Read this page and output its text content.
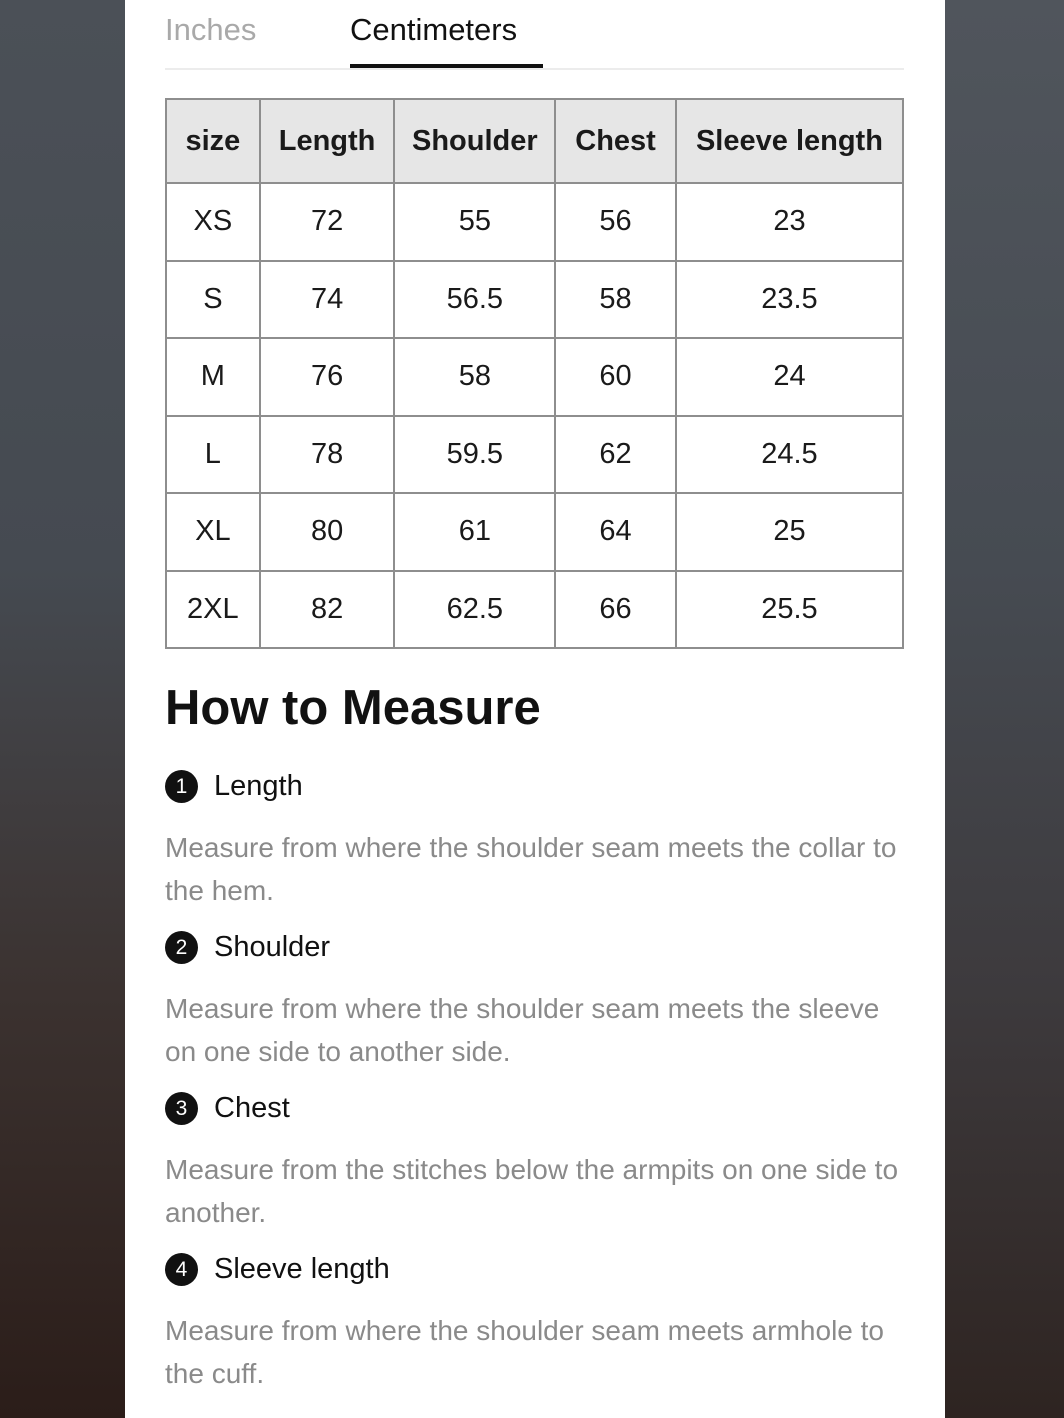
Inches	Centimeters
size	Length	Shoulder	Chest	Sleeve length
XS	72	55	56	23
S	74	56.5	58	23.5
M	76	58	60	24
L	78	59.5	62	24.5
XL	80	61	64	25
2XL	82	62.5	66	25.5
How to Measure
1 Length

Measure from where the shoulder seam meets the collar to the hem.

2 Shoulder

Measure from where the shoulder seam meets the sleeve on one side to another side.

3 Chest

Measure from the stitches below the armpits on one side to another.

4 Sleeve length

Measure from where the shoulder seam meets armhole to the cuff.
